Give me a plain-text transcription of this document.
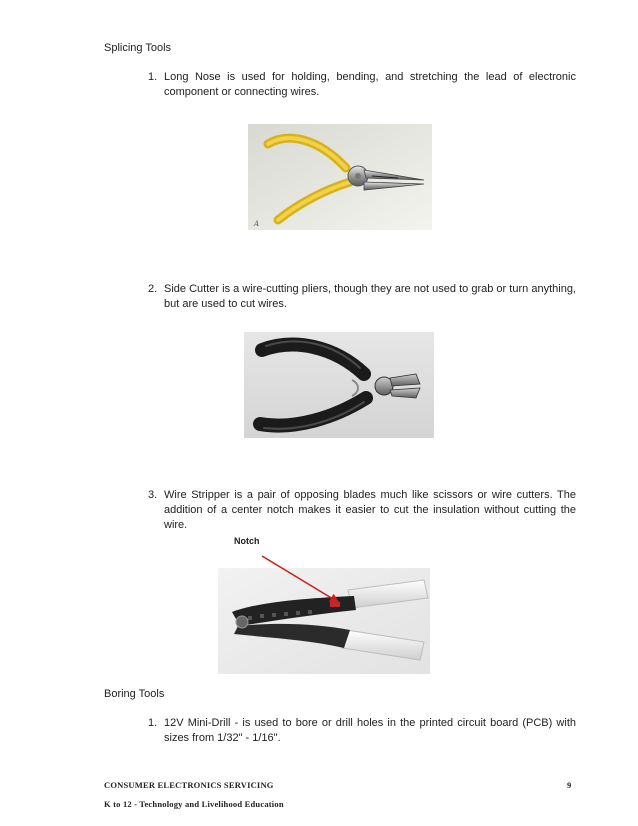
Splicing Tools
1. Long Nose is used for holding, bending, and stretching the lead of electronic component or connecting wires.
A
2. Side Cutter is a wire-cutting pliers, though they are not used to grab or turn anything, but are used to cut wires.
3. Wire Stripper is a pair of opposing blades much like scissors or wire cutters. The addition of a center notch makes it easier to cut the insulation without cutting the wire.
Notch
Boring Tools
1. 12V Mini-Drill - is used to bore or drill holes in the printed circuit board (PCB) with sizes from 1/32" - 1/16".
CONSUMER ELECTRONICS SERVICING
K to 12 - Technology and Livelihood Education
9
